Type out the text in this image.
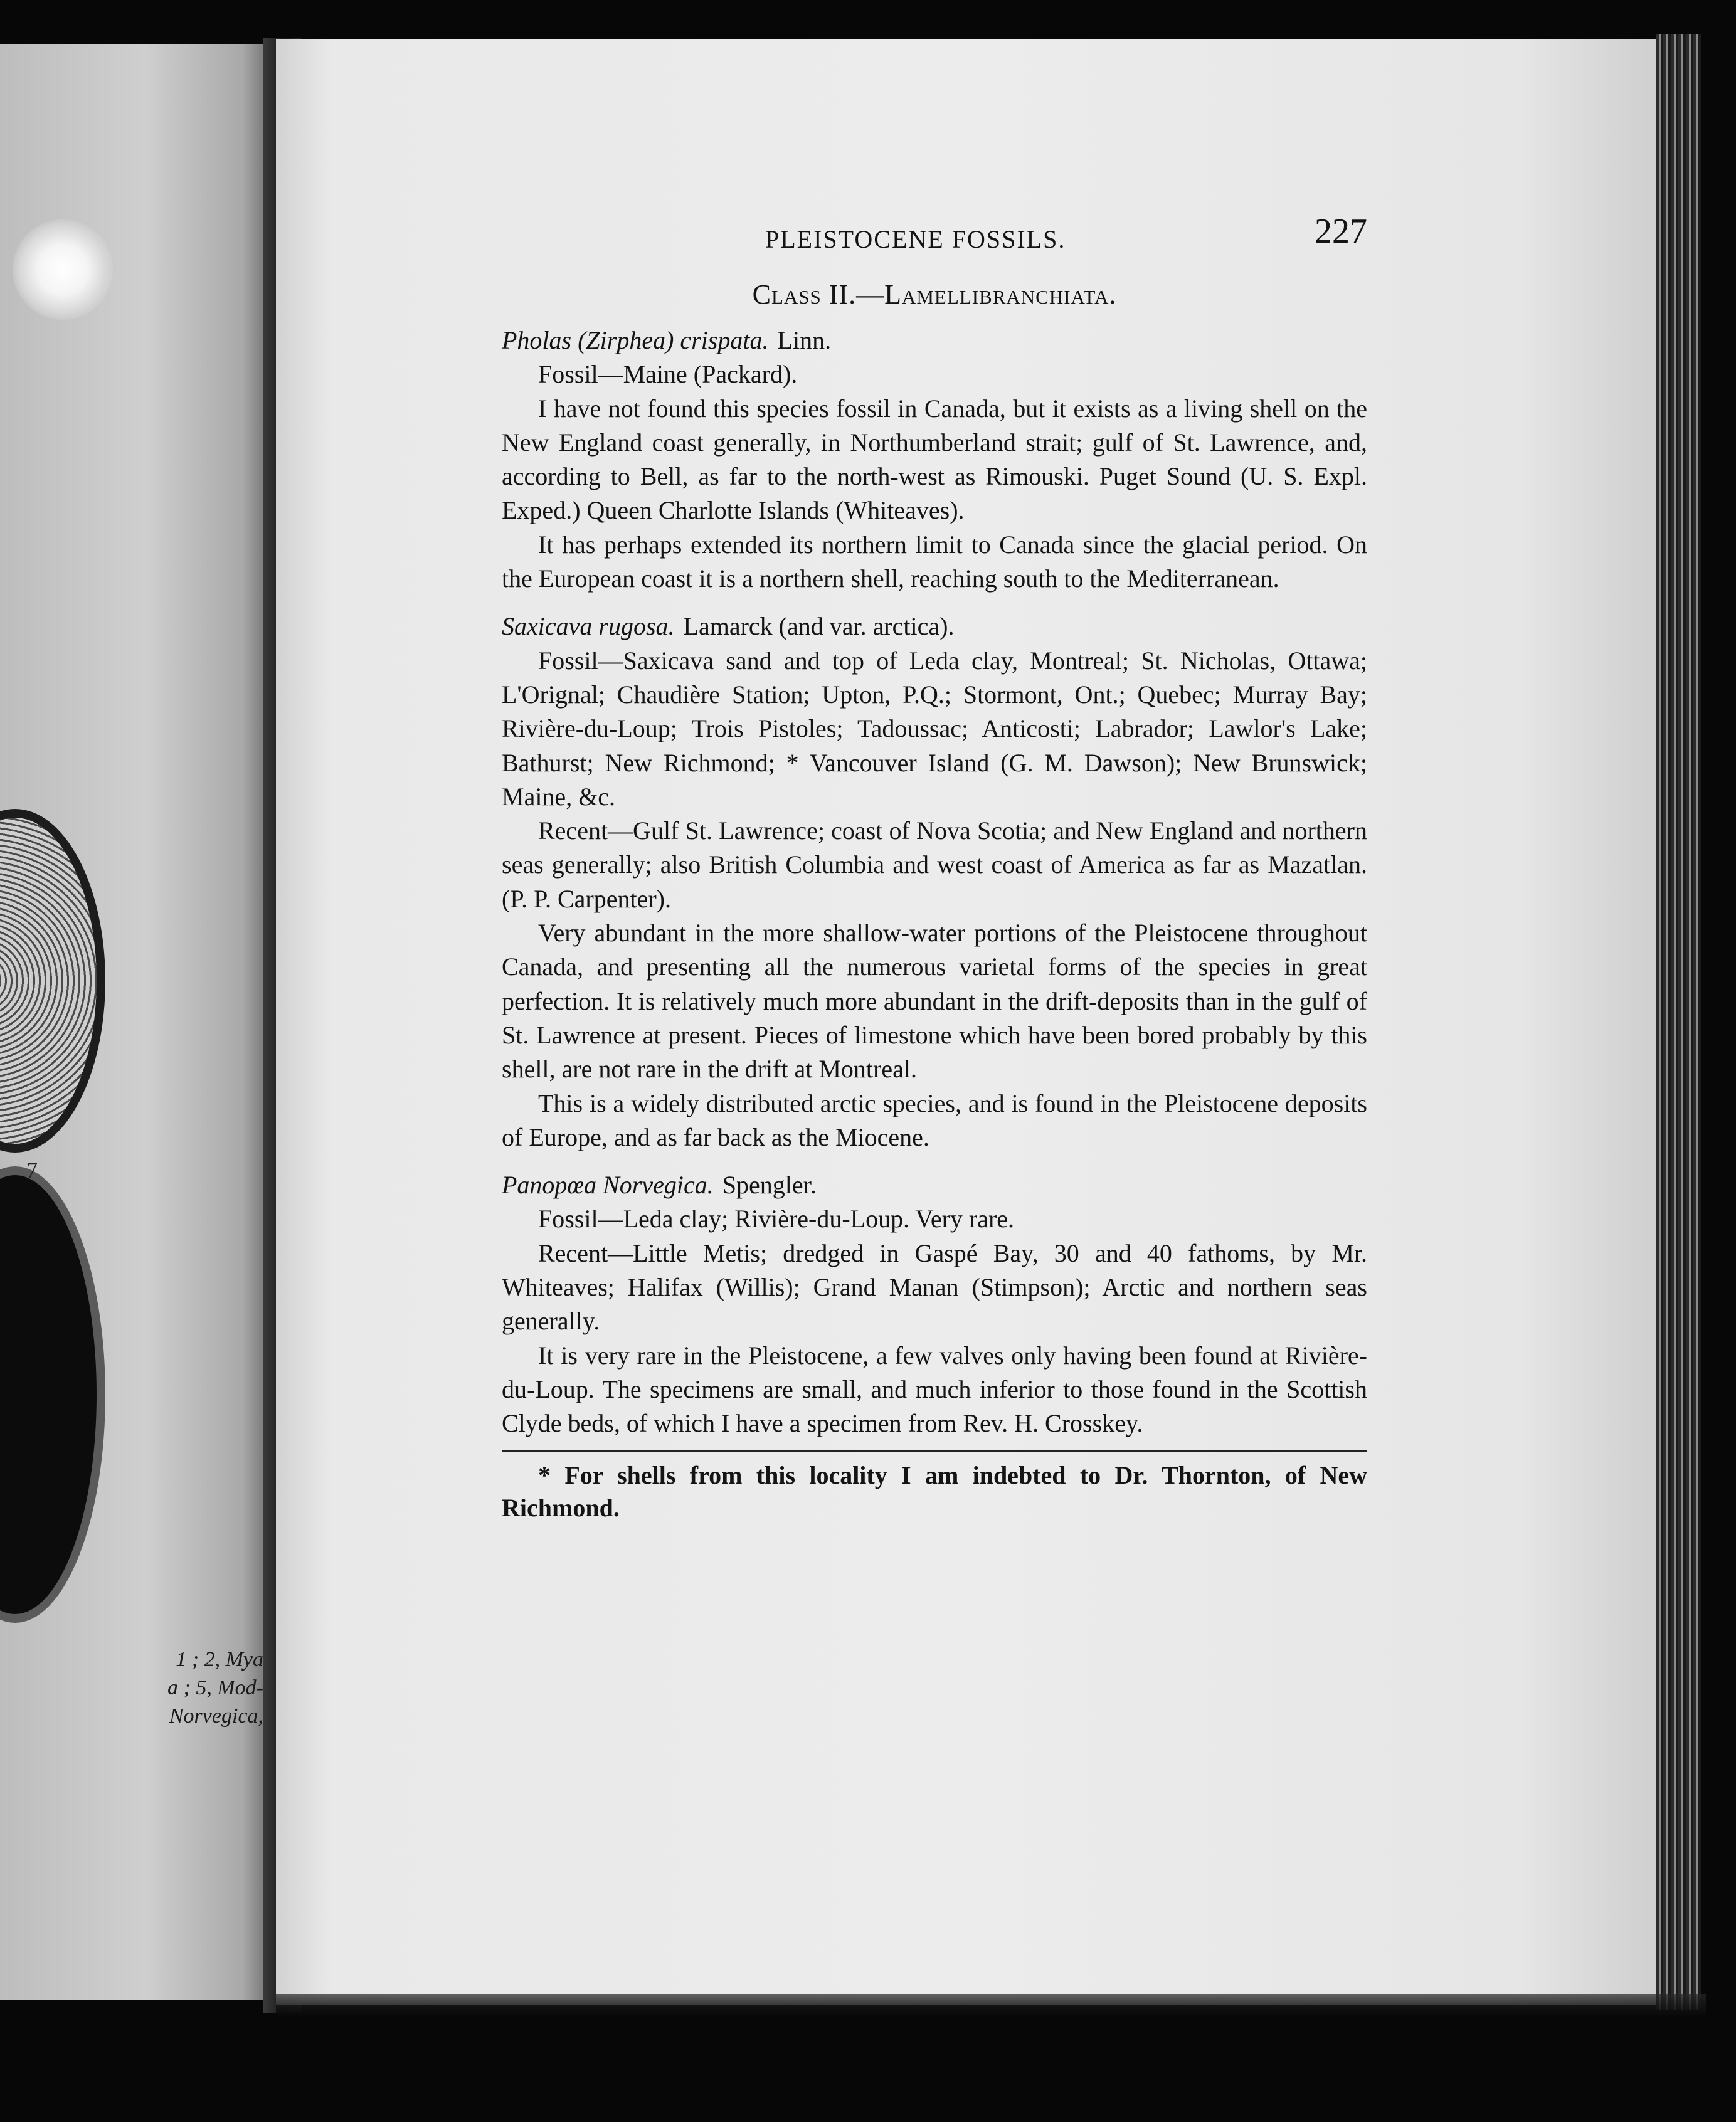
7
1 ; 2, Mya
a ; 5, Mod-
Norvegica,
PLEISTOCENE FOSSILS.	227
Class II.—Lamellibranchiata.

Pholas (Zirphea) crispata. Linn.

Fossil—Maine (Packard).

I have not found this species fossil in Canada, but it exists as a living shell on the New England coast generally, in Northumberland strait; gulf of St. Lawrence, and, according to Bell, as far to the north-west as Rimouski. Puget Sound (U. S. Expl. Exped.) Queen Charlotte Islands (Whiteaves).

It has perhaps extended its northern limit to Canada since the glacial period. On the European coast it is a northern shell, reaching south to the Mediterranean.

Saxicava rugosa. Lamarck (and var. arctica).

Fossil—Saxicava sand and top of Leda clay, Montreal; St. Nicholas, Ottawa; L'Orignal; Chaudière Station; Upton, P.Q.; Stormont, Ont.; Quebec; Murray Bay; Rivière-du-Loup; Trois Pistoles; Tadoussac; Anticosti; Labrador; Lawlor's Lake; Bathurst; New Richmond; * Vancouver Island (G. M. Dawson); New Brunswick; Maine, &c.

Recent—Gulf St. Lawrence; coast of Nova Scotia; and New England and northern seas generally; also British Columbia and west coast of America as far as Mazatlan. (P. P. Carpenter).

Very abundant in the more shallow-water portions of the Pleistocene throughout Canada, and presenting all the numerous varietal forms of the species in great perfection. It is relatively much more abundant in the drift-deposits than in the gulf of St. Lawrence at present. Pieces of limestone which have been bored probably by this shell, are not rare in the drift at Montreal.

This is a widely distributed arctic species, and is found in the Pleistocene deposits of Europe, and as far back as the Miocene.

Panopœa Norvegica. Spengler.

Fossil—Leda clay; Rivière-du-Loup. Very rare.

Recent—Little Metis; dredged in Gaspé Bay, 30 and 40 fathoms, by Mr. Whiteaves; Halifax (Willis); Grand Manan (Stimpson); Arctic and northern seas generally.

It is very rare in the Pleistocene, a few valves only having been found at Rivière-du-Loup. The specimens are small, and much inferior to those found in the Scottish Clyde beds, of which I have a specimen from Rev. H. Crosskey.

* For shells from this locality I am indebted to Dr. Thornton, of New Richmond.
